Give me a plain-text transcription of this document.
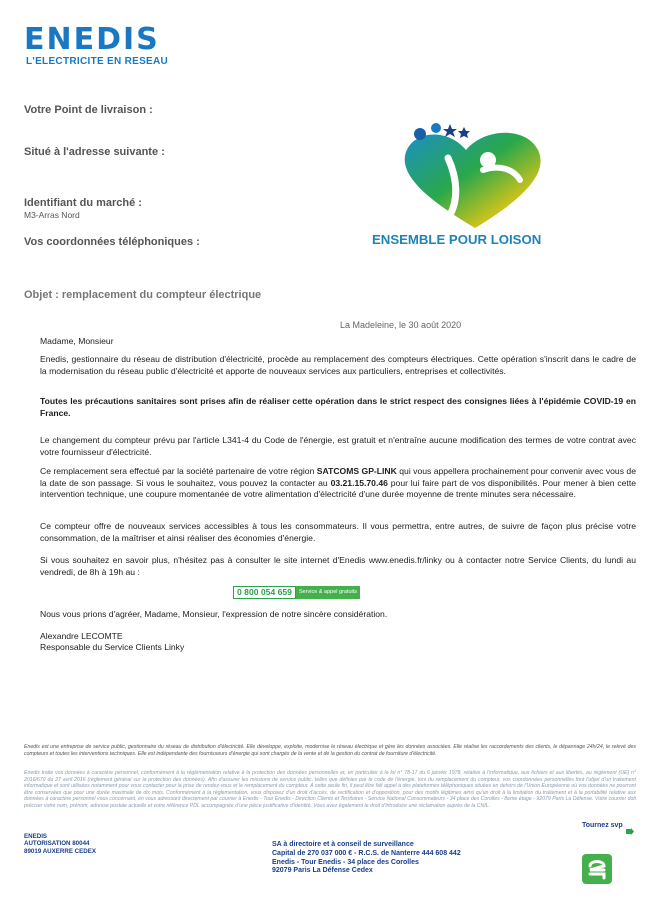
ENEDIS
L'ELECTRICITE EN RESEAU
Votre Point de livraison :
Situé à l'adresse suivante :
Identifiant du marché :
M3-Arras Nord
Vos coordonnées téléphoniques :	ENSEMBLE POUR LOISON
Objet : remplacement du compteur électrique
La Madeleine, le 30 août 2020
Madame, Monsieur
Enedis, gestionnaire du réseau de distribution d'électricité, procède au remplacement des compteurs électriques. Cette opération s'inscrit dans le cadre de la modernisation du réseau public d'électricité et apporte de nouveaux services aux particuliers, entreprises et collectivités.
Toutes les précautions sanitaires sont prises afin de réaliser cette opération dans le strict respect des consignes liées à l'épidémie COVID-19 en France.
Le changement du compteur prévu par l'article L341-4 du Code de l'énergie, est gratuit et n'entraîne aucune modification des termes de votre contrat avec votre fournisseur d'électricité.
Ce remplacement sera effectué par la société partenaire de votre région SATCOMS GP-LINK qui vous appellera prochainement pour convenir avec vous de la date de son passage. Si vous le souhaitez, vous pouvez la contacter au 03.21.15.70.46 pour lui faire part de vos disponibilités. Pour mener à bien cette intervention technique, une coupure momentanée de votre alimentation d'électricité d'une durée moyenne de trente minutes sera nécessaire.
Ce compteur offre de nouveaux services accessibles à tous les consommateurs. Il vous permettra, entre autres, de suivre de façon plus précise votre consommation, de la maîtriser et ainsi réaliser des économies d'énergie.
Si vous souhaitez en savoir plus, n'hésitez pas à consulter le site internet d'Enedis www.enedis.fr/linky ou à contacter notre Service Clients, du lundi au vendredi, de 8h à 19h au :
0 800 054 659	Service & appel gratuits
Nous vous prions d'agréer, Madame, Monsieur, l'expression de notre sincère considération.
Alexandre LECOMTE
Responsable du Service Clients Linky
Enedis est une entreprise de service public, gestionnaire du réseau de distribution d'électricité. Elle développe, exploite, modernise le réseau électrique et gère les données associées. Elle réalise les raccordements des clients, le dépannage 24h/24, le relevé des compteurs et toutes les interventions techniques. Elle est indépendante des fournisseurs d'énergie qui sont chargés de la vente et de la gestion du contrat de fourniture d'électricité.
Enedis traite vos données à caractère personnel, conformément à la réglementation relative à la protection des données personnelles et, en particulier à la loi n° 78-17 du 6 janvier 1978, relative à l'informatique, aux fichiers et aux libertés, au règlement (UE) n° 2016/679 du 27 avril 2016 (règlement général sur la protection des données). Afin d'assurer les missions de service public, telles que définies par le code de l'énergie, lors du remplacement du compteur, vos coordonnées personnelles font l'objet d'un traitement informatique et sont utilisées notamment pour vous contacter pour la prise de rendez-vous et le remplacement du compteur. A cette seule fin, il peut être fait appel à des plateformes téléphoniques situées en dehors de l'Union Européenne où vos données ne pourront être conservées que pour une durée maximale de dix mois. Conformément à la réglementation, vous disposez d'un droit d'accès, de rectification et d'opposition, pour des motifs légitimes ainsi qu'un droit à la limitation du traitement et à la portabilité relative aux données à caractère personnel vous concernant, en vous adressant directement par courrier à Enedis - Tour Enedis - Direction Clients et Territoires - Service National Consommateurs - 34 place des Corolles - 8eme étage - 92079 Paris La Défense. Votre courrier doit préciser votre nom, prénom, adresse postale actuelle et votre référence PDL accompagnée d'une pièce justificative d'identité. Vous avez également le droit d'introduire une réclamation auprès de la CNIL.
Tournez svp
ENEDIS
AUTORISATION 80044
89019 AUXERRE CEDEX
SA à directoire et à conseil de surveillance
Capital de 270 037 000 € - R.C.S. de Nanterre 444 608 442
Enedis - Tour Enedis - 34 place des Corolles
92079 Paris La Défense Cedex
